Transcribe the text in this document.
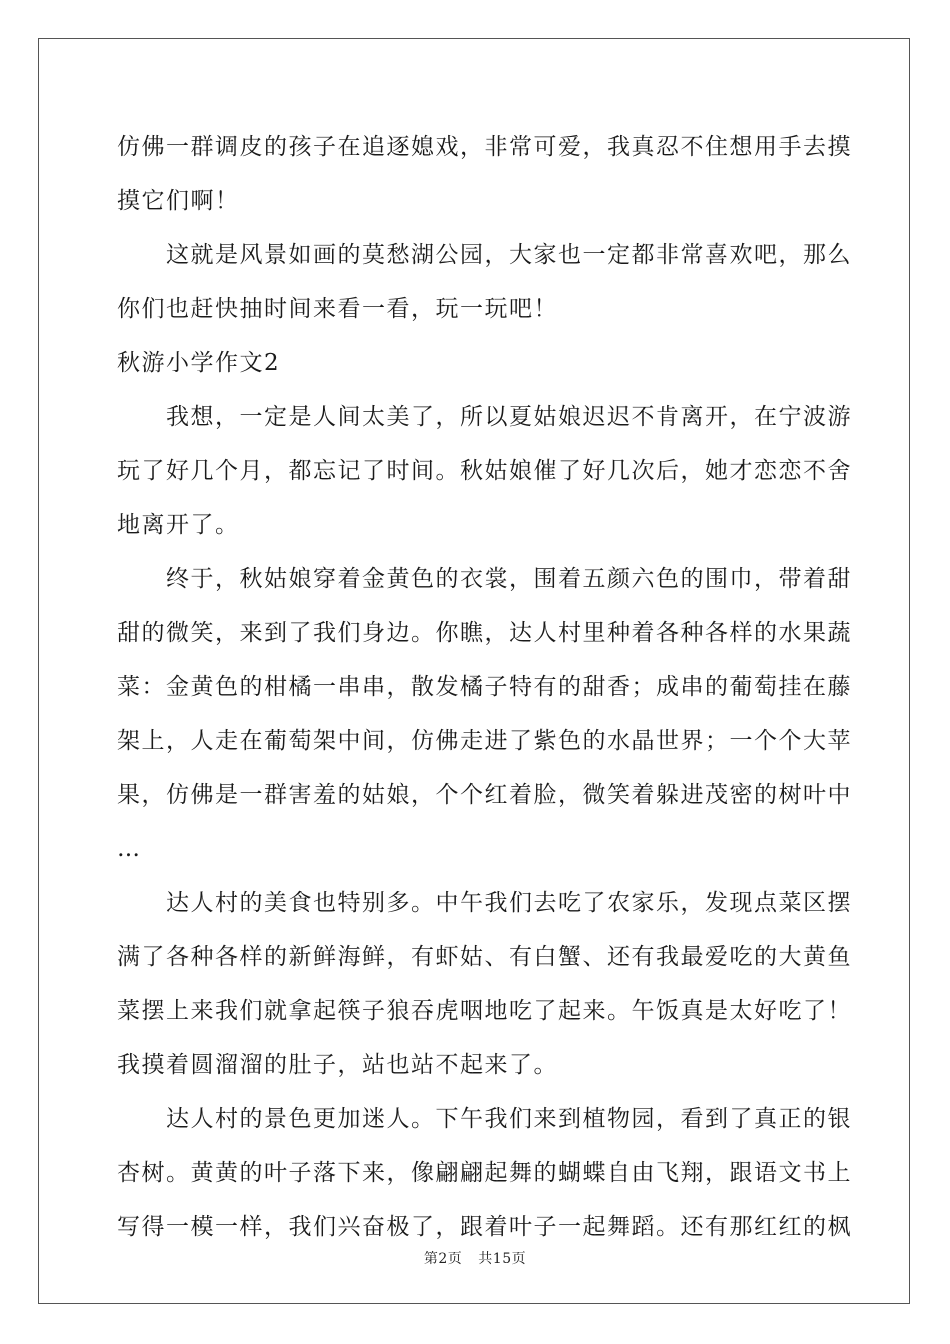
仿佛一群调皮的孩子在追逐媳戏，非常可爱，我真忍不住想用手去摸
摸它们啊！
这就是风景如画的莫愁湖公园，大家也一定都非常喜欢吧，那么
你们也赶快抽时间来看一看，玩一玩吧！
秋游小学作文2
我想，一定是人间太美了，所以夏姑娘迟迟不肯离开，在宁波游
玩了好几个月，都忘记了时间。秋姑娘催了好几次后，她才恋恋不舍
地离开了。
终于，秋姑娘穿着金黄色的衣裳，围着五颜六色的围巾，带着甜
甜的微笑，来到了我们身边。你瞧，达人村里种着各种各样的水果蔬
菜：金黄色的柑橘一串串，散发橘子特有的甜香；成串的葡萄挂在藤
架上，人走在葡萄架中间，仿佛走进了紫色的水晶世界；一个个大苹
果，仿佛是一群害羞的姑娘，个个红着脸，微笑着躲进茂密的树叶中
…
达人村的美食也特别多。中午我们去吃了农家乐，发现点菜区摆
满了各种各样的新鲜海鲜，有虾姑、有白蟹、还有我最爱吃的大黄鱼
菜摆上来我们就拿起筷子狼吞虎咽地吃了起来。午饭真是太好吃了！
我摸着圆溜溜的肚子，站也站不起来了。
达人村的景色更加迷人。下午我们来到植物园，看到了真正的银
杏树。黄黄的叶子落下来，像翩翩起舞的蝴蝶自由飞翔，跟语文书上
写得一模一样，我们兴奋极了，跟着叶子一起舞蹈。还有那红红的枫
第2页 共15页
